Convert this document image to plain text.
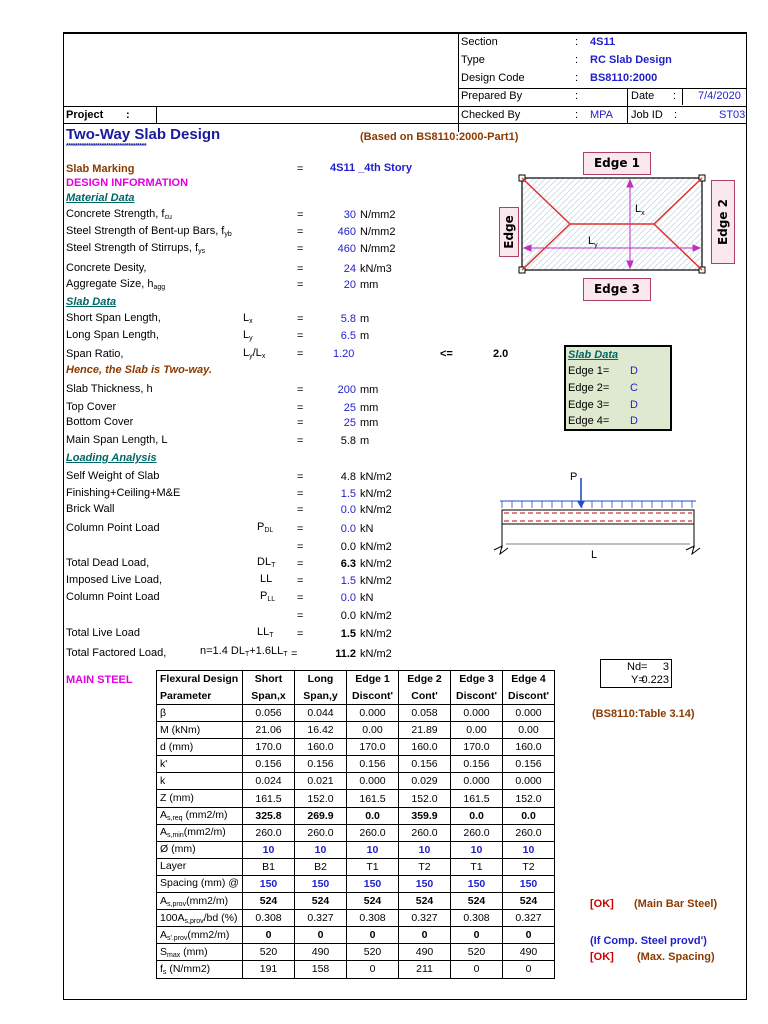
Section	: 4S11
Type	: RC Slab Design
Design Code	: BS8110:2000
Prepared By	:	Date : 7/4/2020
Checked By	: MPA Job ID :	ST03
Project :
Two-Way Slab Design
************************************
(Based on BS8110:2000-Part1)
Slab Marking	= 4S11 _4th Story
DESIGN INFORMATION
Material Data
Concrete Strength, $f_{cu}$	=	30 N/mm2
Steel Strength of Bent-up Bars, $f_{yb}$	=	460 N/mm2
Steel Strength of Stirrups, $f_{ys}$	=	460 N/mm2
Concrete Desity,	=	24 kN/m3
Aggregate Size, $h_{agg}$	=	20 mm
Slab Data
Short Span Length,	$L_x$	=	5.8 m
Long Span Length,	$L_y$	=	6.5 m
Span Ratio,	$L_y/L_x$	=	1.20	<=	2.0
Hence, the Slab is Two-way.
Slab Thickness, h	=	200 mm
Top Cover	=	25 mm
Bottom Cover	=	25 mm
Main Span Length, L	=	5.8 m
Loading Analysis
Self Weight of Slab	=	4.8 kN/m2
Finishing+Ceiling+M&E	=	1.5 kN/m2
Brick Wall	=	0.0 kN/m2
Column Point Load	$P_{DL}$ =	0.0 kN
=	0.0 kN/m2
Total Dead Load,	$DL_T$ =	6.3 kN/m2
Imposed Live Load,	LL =	1.5 kN/m2
Column Point Load	$P_{LL}$ =	0.0 kN
=	0.0 kN/m2
Total Live Load	$LL_T$ =	1.5 kN/m2
Total Factored Load,	n=1.4 $DL_T+1.6LL_T$ =	11.2 kN/m2
$L_x$
$L_y$
Edge 1
Edge 3
Edge 2
Edge
Slab Data
Edge 1= D
Edge 2= C
Edge 3= D
Edge 4= D
P
L
Nd=	3
Y=
0.223
MAIN STEEL	Flexural Design	Short	Long	Edge 1	Edge 2	Edge 3	Edge 4
Parameter	Span,x	Span,y	Discont'	Cont'	Discont'	Discont'
β	0.056	0.044	0.000	0.058	0.000	0.000
M (kNm)	21.06	16.42	0.00	21.89	0.00	0.00
d (mm)	170.0	160.0	170.0	160.0	170.0	160.0
k'	0.156	0.156	0.156	0.156	0.156	0.156
k	0.024	0.021	0.000	0.029	0.000	0.000
Z (mm)	161.5	152.0	161.5	152.0	161.5	152.0
$A_{s,req}$ (mm2/m)	325.8	269.9	0.0	359.9	0.0	0.0
$A_{s,min}(mm2/m)$	260.0	260.0	260.0	260.0	260.0	260.0
Ø (mm)	10	10	10	10	10	10
Layer	B1	B2	T1	T2	T1	T2
Spacing (mm) @	150	150	150	150	150	150
$A_{s,prov}(mm2/m)$	524	524	524	524	524	524
$100A_{s,prov}/bd$ (%)	0.308	0.327	0.308	0.327	0.308	0.327
$A_{s'.prov}(mm2/m)$	0	0	0	0	0	0
$S_{max}$ (mm)	520	490	520	490	520	490
$f_s$ (N/mm2)	191	158	0	211	0	0
(BS8110:Table 3.14)
[OK] (Main Bar Steel)
(If Comp. Steel provd')
[OK] (Max. Spacing)
